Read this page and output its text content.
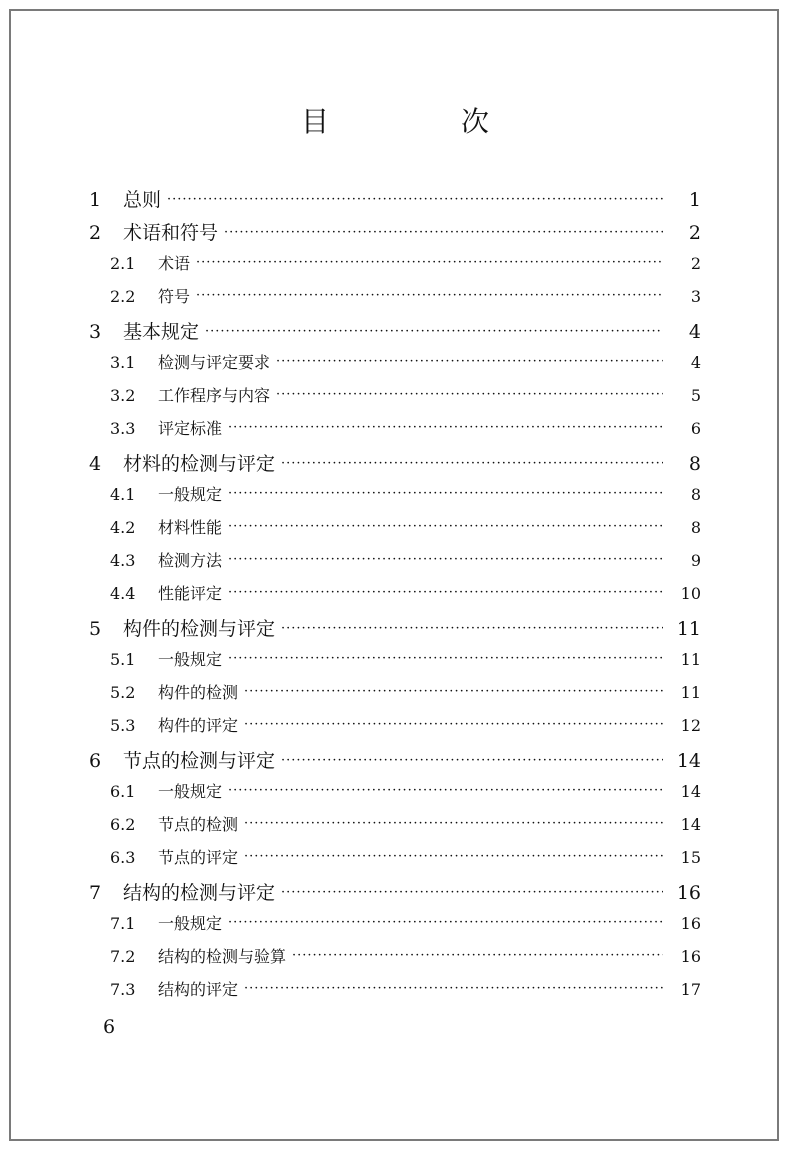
目　次
1	总则 ·····	1
2	术语和符号 ·····	2
2.1	术语 ·····	2
2.2	符号 ·····	3
3	基本规定 ·····	4
3.1	检测与评定要求 ·····	4
3.2	工作程序与内容 ·····	5
3.3	评定标准 ·····	6
4	材料的检测与评定 ·····	8
4.1	一般规定 ·····	8
4.2	材料性能 ·····	8
4.3	检测方法 ·····	9
4.4	性能评定 ·····	10
5	构件的检测与评定 ·····	11
5.1	一般规定 ·····	11
5.2	构件的检测 ·····	11
5.3	构件的评定 ·····	12
6	节点的检测与评定 ·····	14
6.1	一般规定 ·····	14
6.2	节点的检测 ·····	14
6.3	节点的评定 ·····	15
7	结构的检测与评定 ·····	16
7.1	一般规定 ·····	16
7.2	结构的检测与验算 ·····	16
7.3	结构的评定 ·····	17
6
